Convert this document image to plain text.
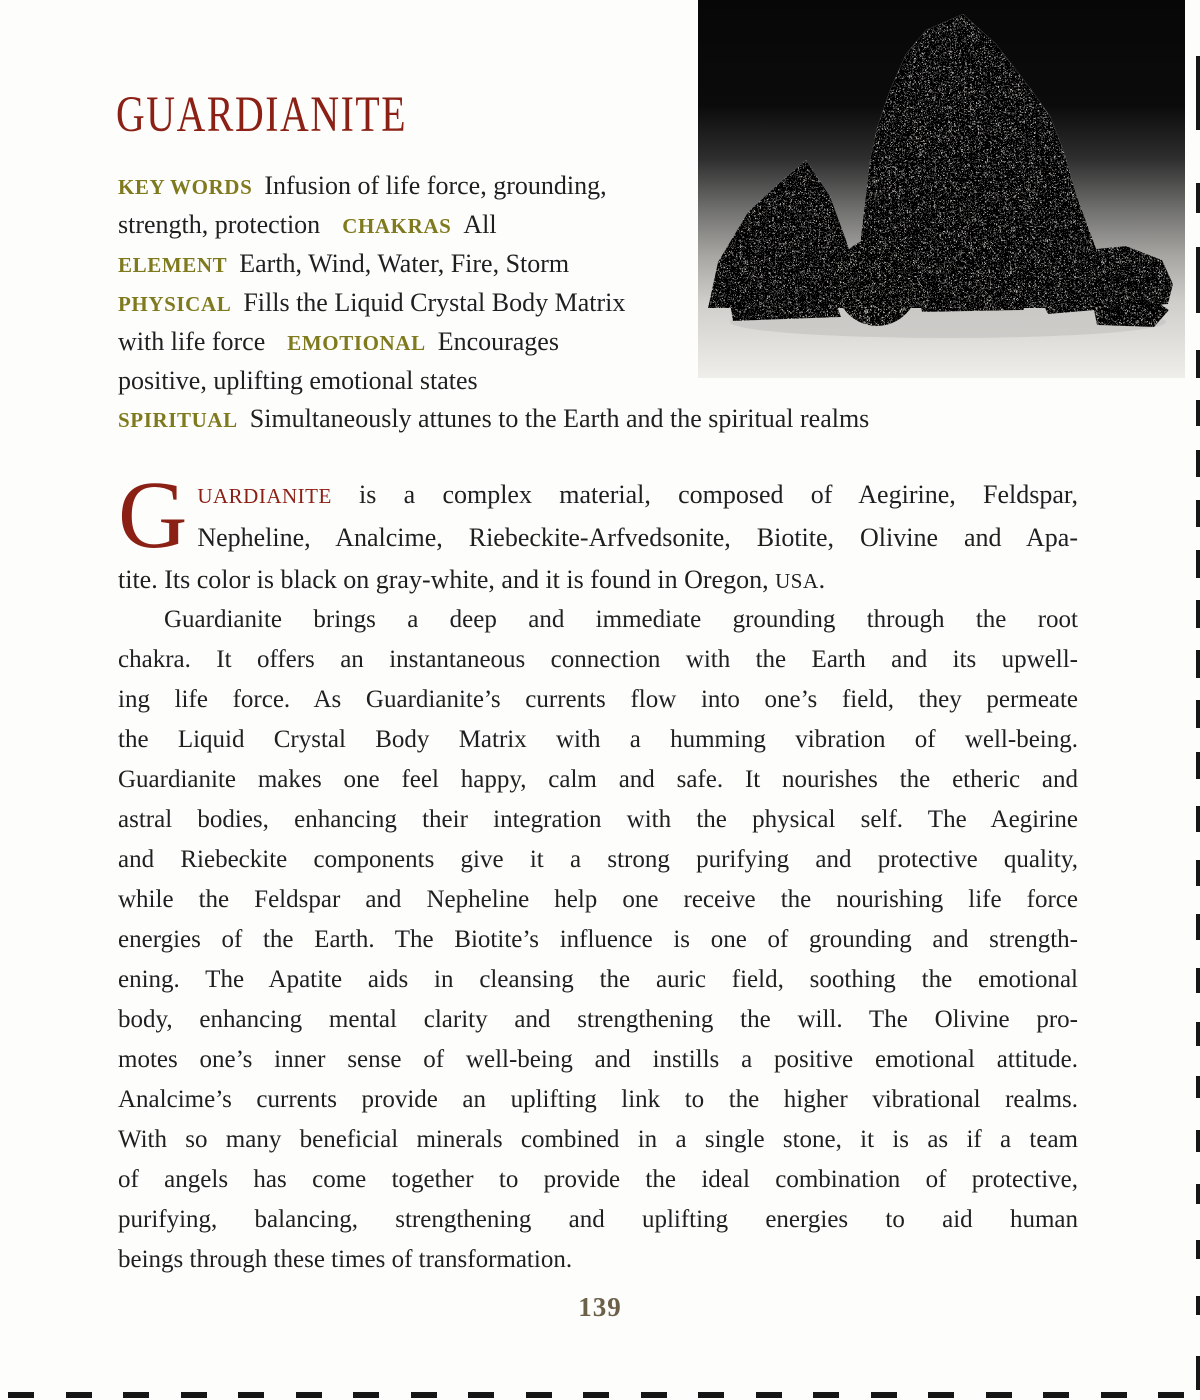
GUARDIANITE
KEY WORDS Infusion of life force, grounding,
strength, protection CHAKRAS All
ELEMENT Earth, Wind, Water, Fire, Storm
PHYSICAL Fills the Liquid Crystal Body Matrix
with life force EMOTIONAL Encourages
positive, uplifting emotional states
SPIRITUAL Simultaneously attunes to the Earth and the spiritual realms
G UARDIANITE is a complex material, composed of Aegirine, Feldspar,
Nepheline, Analcime, Riebeckite-Arfvedsonite, Biotite, Olivine and Apa-
tite. Its color is black on gray-white, and it is found in Oregon, USA.
Guardianite brings a deep and immediate grounding through the root
chakra. It offers an instantaneous connection with the Earth and its upwell-
ing life force. As Guardianite’s currents flow into one’s field, they permeate
the Liquid Crystal Body Matrix with a humming vibration of well-being.
Guardianite makes one feel happy, calm and safe. It nourishes the etheric and
astral bodies, enhancing their integration with the physical self. The Aegirine
and Riebeckite components give it a strong purifying and protective quality,
while the Feldspar and Nepheline help one receive the nourishing life force
energies of the Earth. The Biotite’s influence is one of grounding and strength-
ening. The Apatite aids in cleansing the auric field, soothing the emotional
body, enhancing mental clarity and strengthening the will. The Olivine pro-
motes one’s inner sense of well-being and instills a positive emotional attitude.
Analcime’s currents provide an uplifting link to the higher vibrational realms.
With so many beneficial minerals combined in a single stone, it is as if a team
of angels has come together to provide the ideal combination of protective,
purifying, balancing, strengthening and uplifting energies to aid human
beings through these times of transformation.
139
